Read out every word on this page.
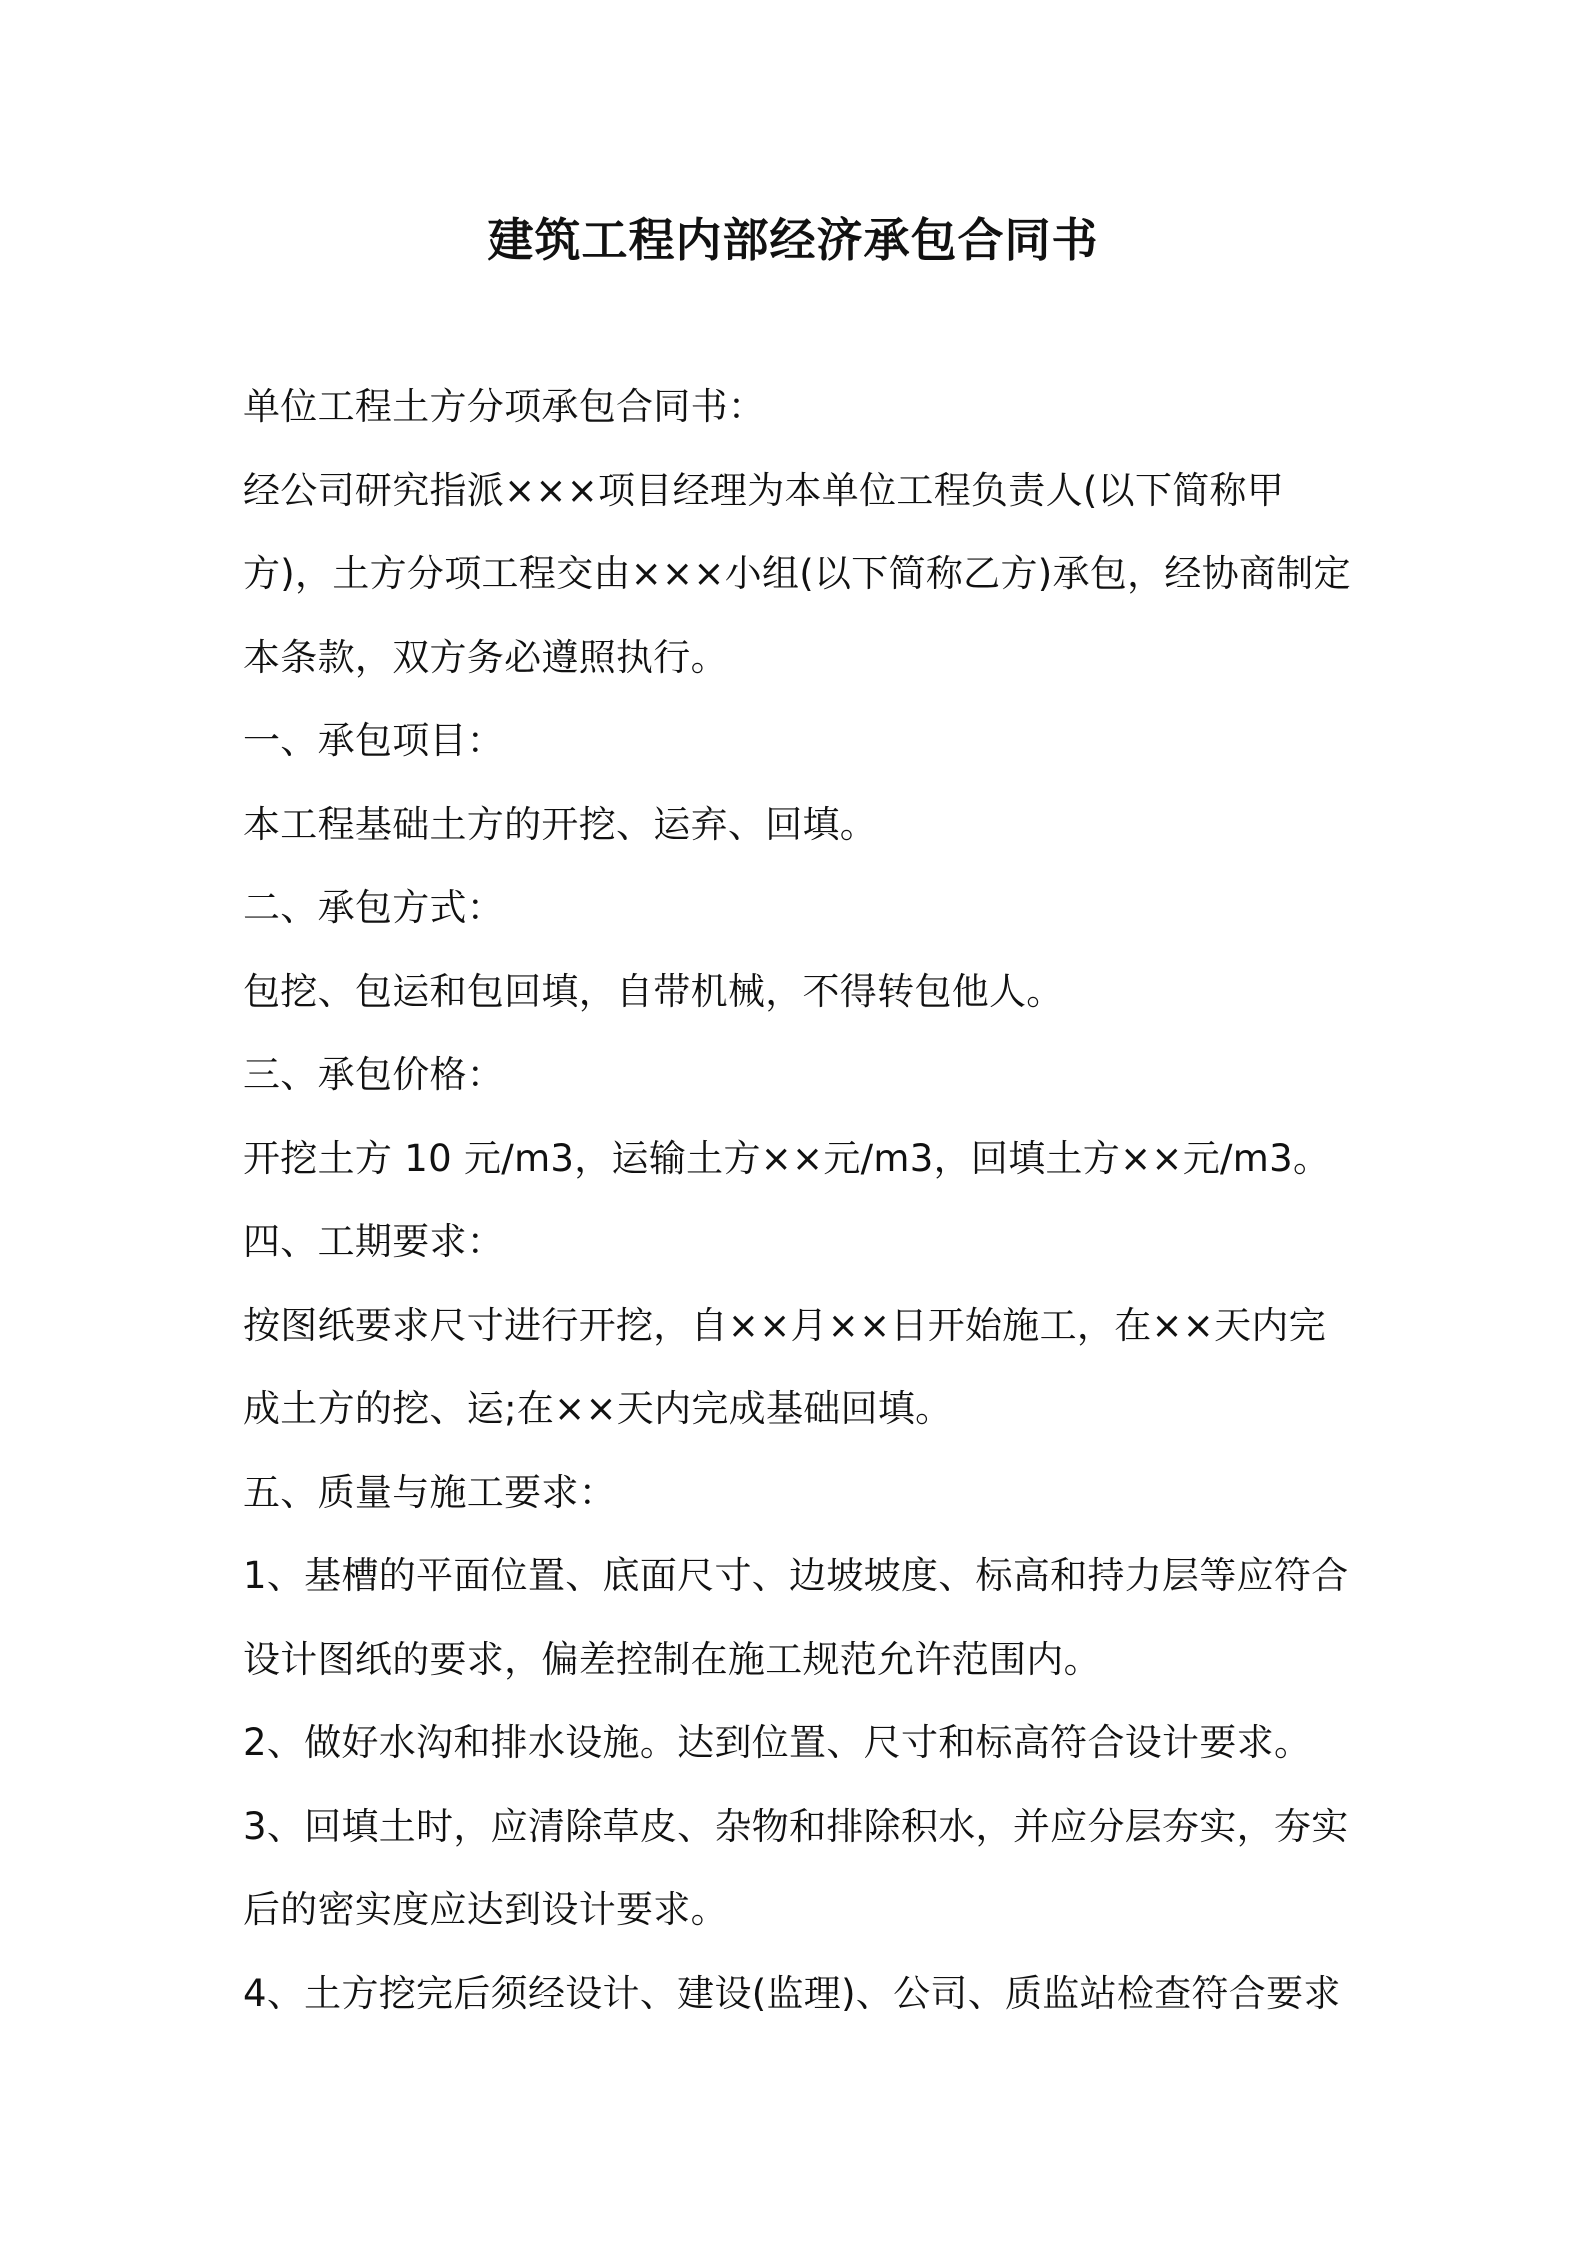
建筑工程内部经济承包合同书
单位工程土方分项承包合同书：
经公司研究指派×××项目经理为本单位工程负责人(以下简称甲
方)，土方分项工程交由×××小组(以下简称乙方)承包，经协商制定
本条款，双方务必遵照执行。
一、承包项目：
本工程基础土方的开挖、运弃、回填。
二、承包方式：
包挖、包运和包回填，自带机械，不得转包他人。
三、承包价格：
开挖土方 10 元/m3，运输土方××元/m3，回填土方××元/m3。
四、工期要求：
按图纸要求尺寸进行开挖，自××月××日开始施工，在××天内完
成土方的挖、运;在××天内完成基础回填。
五、质量与施工要求：
1、基槽的平面位置、底面尺寸、边坡坡度、标高和持力层等应符合
设计图纸的要求，偏差控制在施工规范允许范围内。
2、做好水沟和排水设施。达到位置、尺寸和标高符合设计要求。
3、回填土时，应清除草皮、杂物和排除积水，并应分层夯实，夯实
后的密实度应达到设计要求。
4、土方挖完后须经设计、建设(监理)、公司、质监站检查符合要求
